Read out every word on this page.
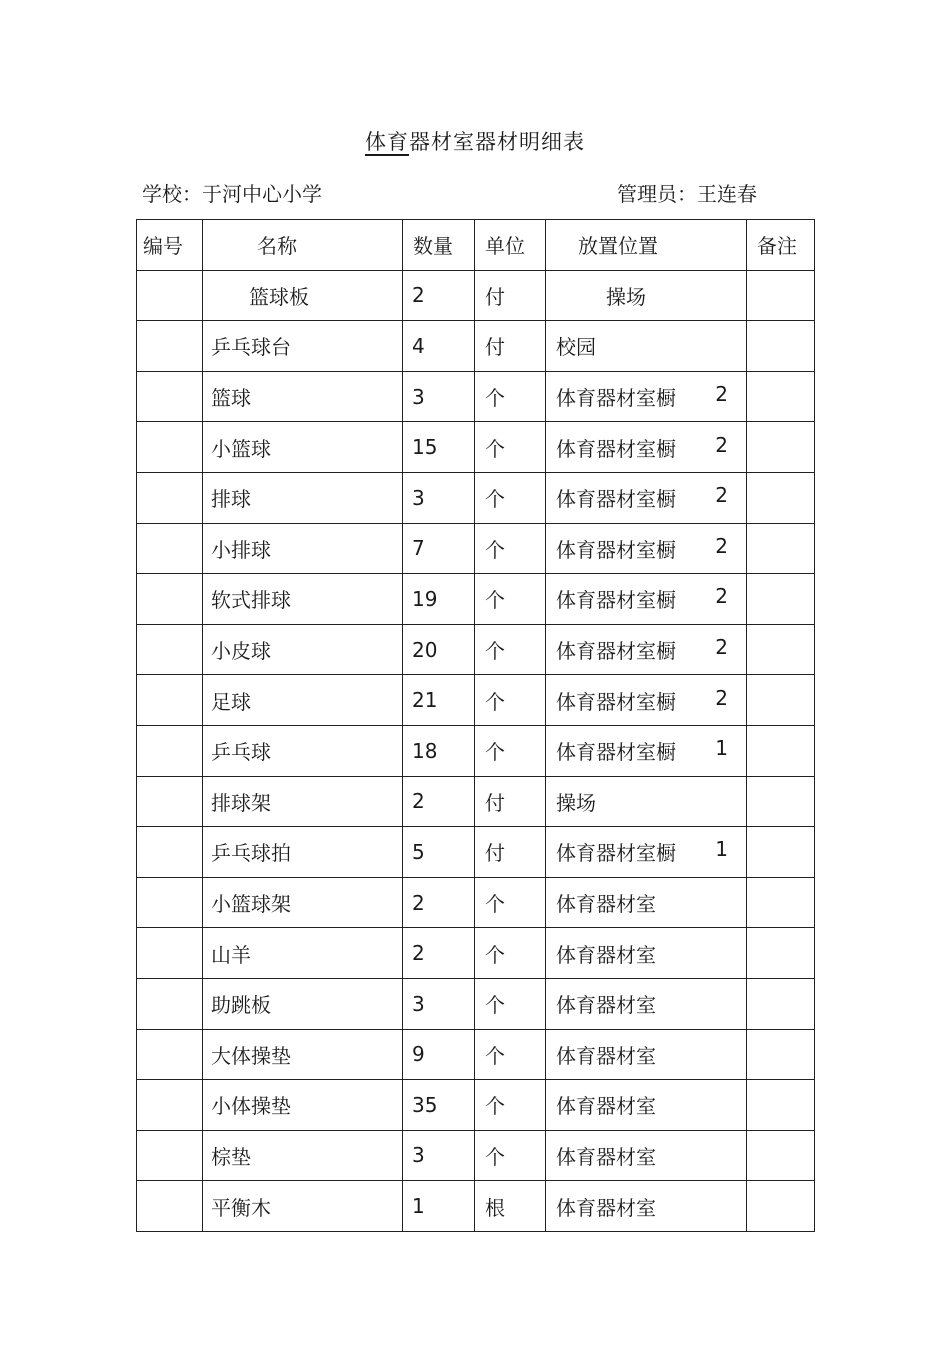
体育器材室器材明细表
学校：于河中心小学	管理员：王连春
编号	名称	数量	单位	放置位置	备注
	篮球板	2	付	操场	

	乒乓球台	4	付	校园	

	篮球	3	个	体育器材室橱 2	

	小篮球	15	个	体育器材室橱 2	

	排球	3	个	体育器材室橱 2	

	小排球	7	个	体育器材室橱 2	

	软式排球	19	个	体育器材室橱 2	

	小皮球	20	个	体育器材室橱 2	

	足球	21	个	体育器材室橱 2	

	乒乓球	18	个	体育器材室橱 1	

	排球架	2	付	操场	

	乒乓球拍	5	付	体育器材室橱 1	

	小篮球架	2	个	体育器材室	

	山羊	2	个	体育器材室	

	助跳板	3	个	体育器材室	

	大体操垫	9	个	体育器材室	

	小体操垫	35	个	体育器材室	

	棕垫	3	个	体育器材室	

	平衡木	1	根	体育器材室	
